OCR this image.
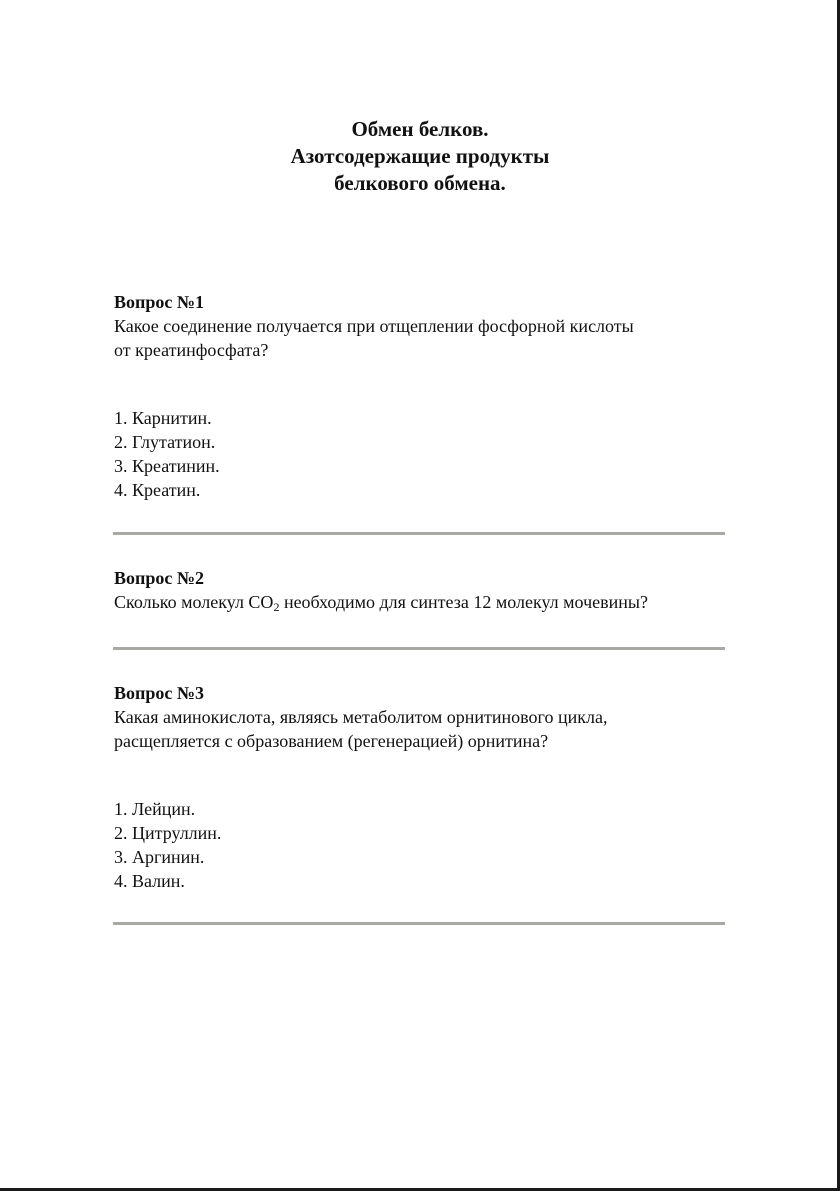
Обмен белков.
Азотсодержащие продукты
белкового обмена.
Вопрос №1
Какое соединение получается при отщеплении фосфорной кислоты
от креатинфосфата?
1. Карнитин.
2. Глутатион.
3. Креатинин.
4. Креатин.
Вопрос №2
Сколько молекул $CO_2$ необходимо для синтеза 12 молекул мочевины?
Вопрос №3
Какая аминокислота, являясь метаболитом орнитинового цикла,
расщепляется с образованием (регенерацией) орнитина?
1. Лейцин.
2. Цитруллин.
3. Аргинин.
4. Валин.
